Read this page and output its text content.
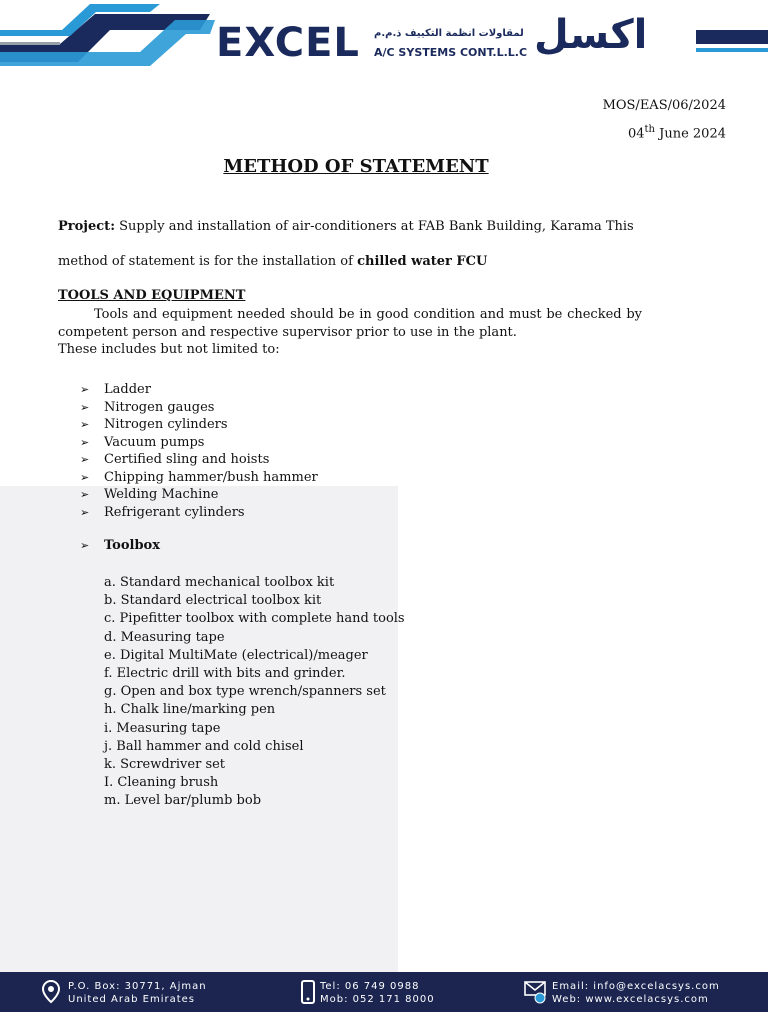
EXCEL لمقاولات انظمة التكييف ذ.م.م
A/C SYSTEMS CONT.L.L.C اكسل
MOS/EAS/06/2024
04th June 2024
METHOD OF STATEMENT
Project: Supply and installation of air-conditioners at FAB Bank Building, Karama This
method of statement is for the installation of chilled water FCU
TOOLS AND EQUIPMENT
Tools and equipment needed should be in good condition and must be checked by competent person and respective supervisor prior to use in the plant.
These includes but not limited to:
➢ Ladder
➢ Nitrogen gauges
➢ Nitrogen cylinders
➢ Vacuum pumps
➢ Certified sling and hoists
➢ Chipping hammer/bush hammer
➢ Welding Machine
➢ Refrigerant cylinders
➢ Toolbox
a. Standard mechanical toolbox kit
b. Standard electrical toolbox kit
c. Pipefitter toolbox with complete hand tools
d. Measuring tape
e. Digital MultiMate (electrical)/meager
f. Electric drill with bits and grinder.
g. Open and box type wrench/spanners set
h. Chalk line/marking pen
i. Measuring tape
j. Ball hammer and cold chisel
k. Screwdriver set
I. Cleaning brush
m. Level bar/plumb bob
P.O. Box: 30771, Ajman
United Arab Emirates
Tel: 06 749 0988
Mob: 052 171 8000
Email: info@excelacsys.com
Web: www.excelacsys.com
